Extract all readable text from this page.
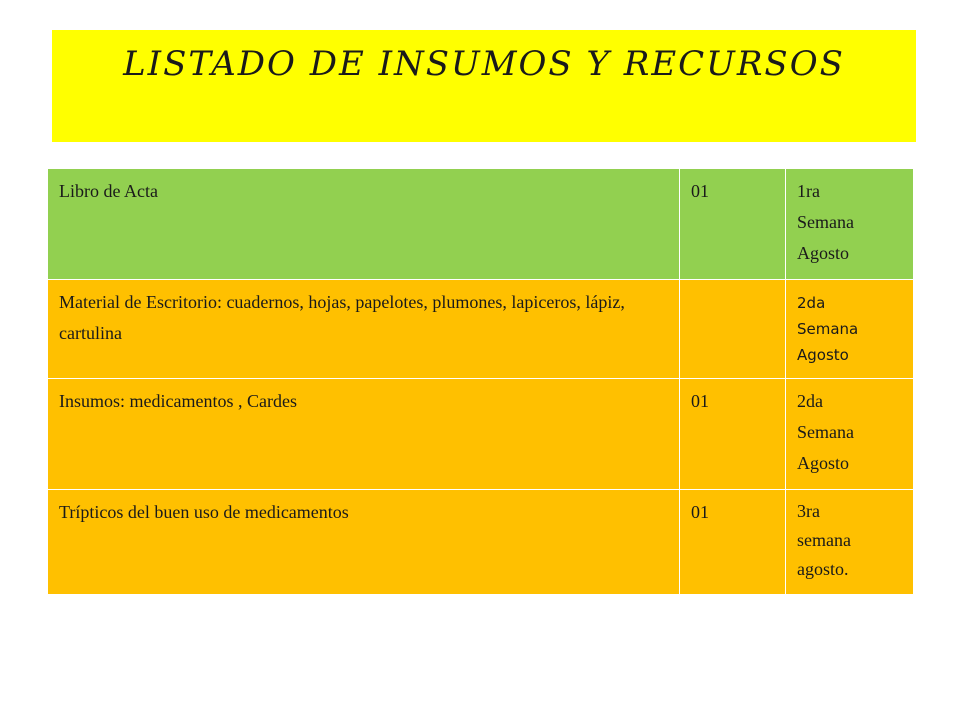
LISTADO DE INSUMOS Y RECURSOS
Libro de Acta	01	1ra
Semana
Agosto

Material de Escritorio: cuadernos, hojas, papelotes, plumones, lapiceros, lápiz, cartulina		2da
Semana
Agosto

Insumos: medicamentos , Cardes	01	2da
Semana
Agosto

Trípticos del buen uso de medicamentos	01	3ra
semana
agosto.
